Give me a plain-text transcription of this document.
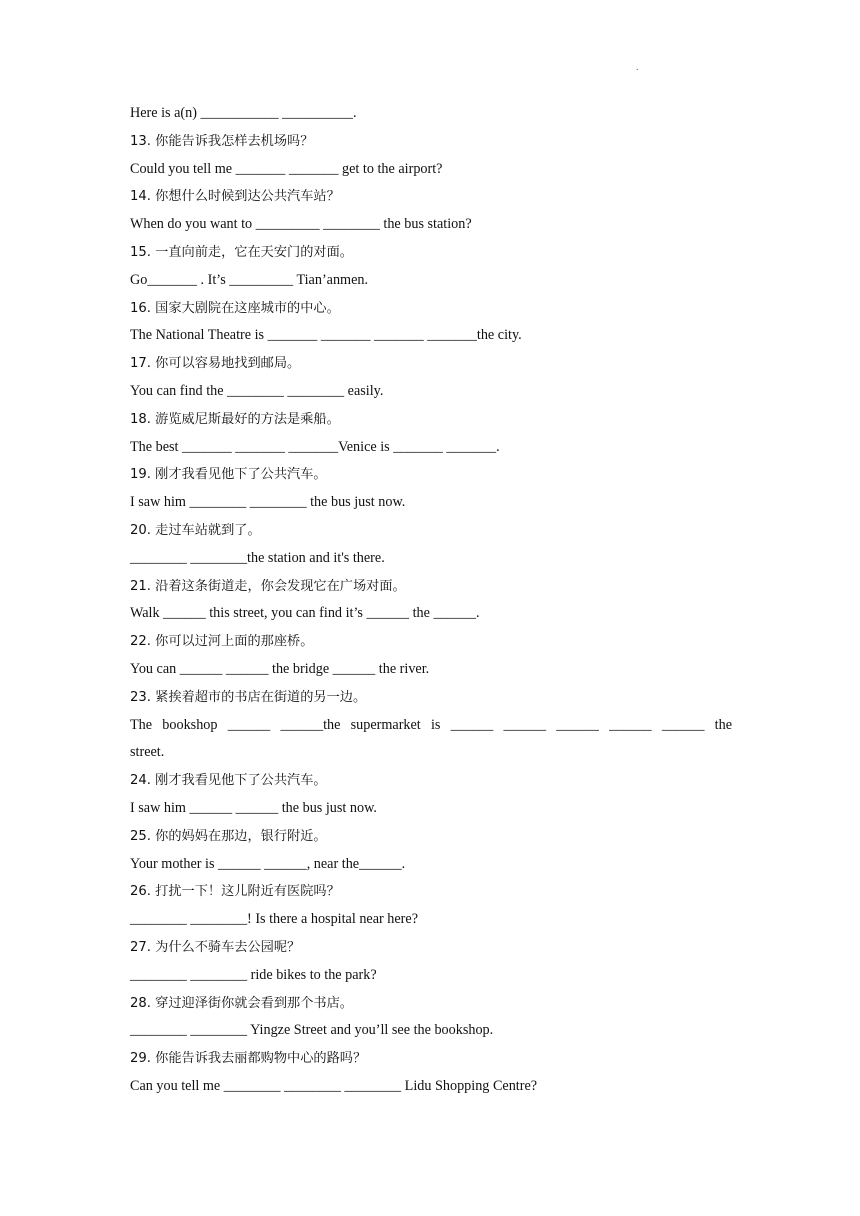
.
Here is a(n) ___________ __________.
13. 你能告诉我怎样去机场吗？
Could you tell me _______ _______ get to the airport?
14. 你想什么时候到达公共汽车站？
When do you want to _________ ________ the bus station?
15. 一直向前走，它在天安门的对面。
Go_______ . It’s _________ Tian’anmen.
16. 国家大剧院在这座城市的中心。
The National Theatre is _______ _______ _______ _______the city.
17. 你可以容易地找到邮局。
You can find the ________ ________ easily.
18. 游览威尼斯最好的方法是乘船。
The best _______ _______ _______Venice is _______ _______.
19. 刚才我看见他下了公共汽车。
I saw him ________ ________ the bus just now.
20. 走过车站就到了。
________ ________the station and it's there.
21. 沿着这条街道走，你会发现它在广场对面。
Walk ______ this street, you can find it’s ______ the ______.
22. 你可以过河上面的那座桥。
You can ______ ______ the bridge ______ the river.
23. 紧挨着超市的书店在街道的另一边。
The bookshop ______ ______the supermarket is ______ ______ ______ ______ ______ the
street.
24. 刚才我看见他下了公共汽车。
I saw him ______ ______ the bus just now.
25. 你的妈妈在那边，银行附近。
Your mother is ______ ______, near the______.
26. 打扰一下！这儿附近有医院吗？
________ ________! Is there a hospital near here?
27. 为什么不骑车去公园呢？
________ ________ ride bikes to the park?
28. 穿过迎泽街你就会看到那个书店。
________ ________ Yingze Street and you’ll see the bookshop.
29. 你能告诉我去丽都购物中心的路吗？
Can you tell me ________ ________ ________ Lidu Shopping Centre?
